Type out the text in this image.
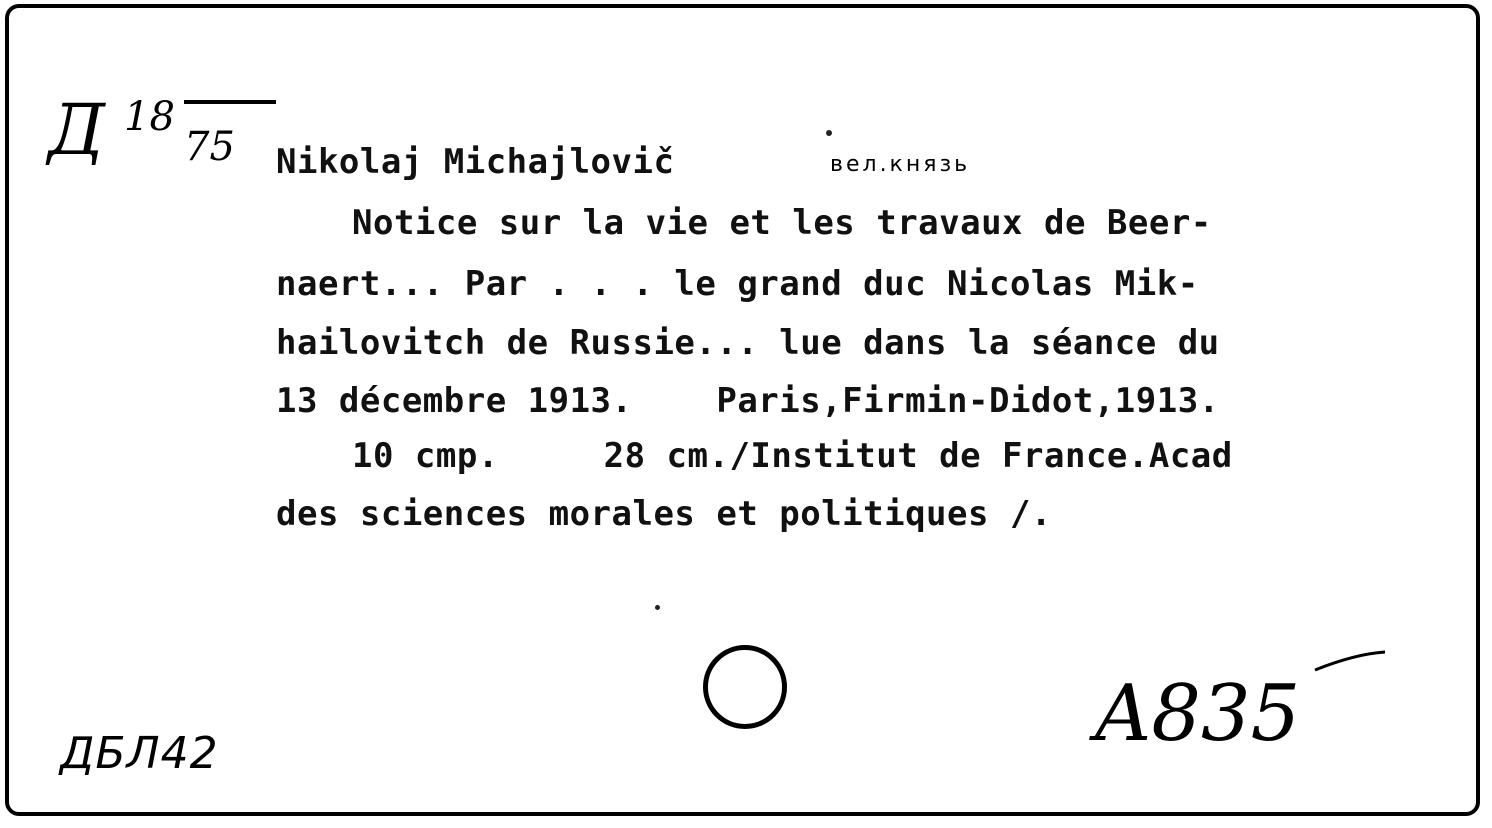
Д 18
75 Nikolaj Michajlovič	вел.князь
Notice sur la vie et les travaux de Beer-
naert... Par . . . le grand duc Nicolas Mik-
hailovitch de Russie... lue dans la séance du
13 décembre 1913.    Paris,Firmin-Didot,1913.
10 cmp.     28 cm./Institut de France.Acad
des sciences morales et politiques /.
ДБЛ42	A835
